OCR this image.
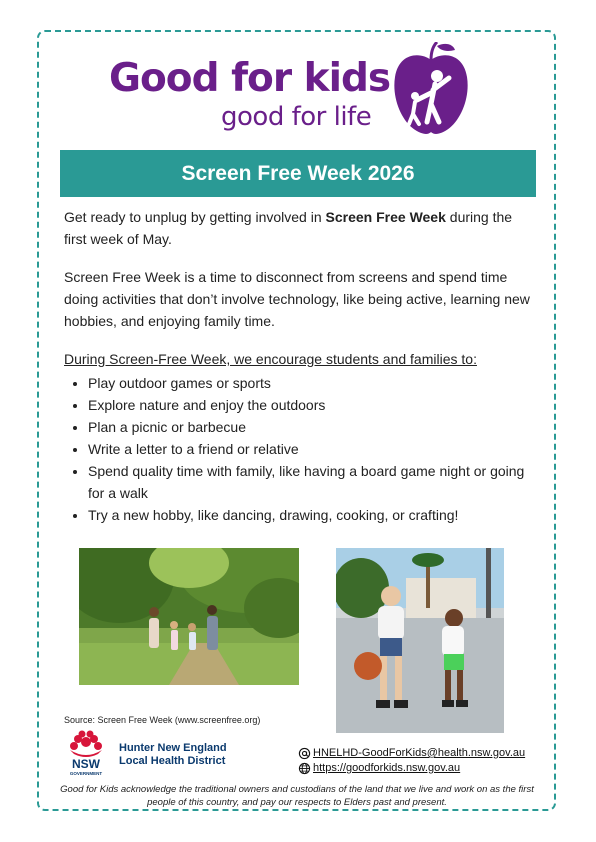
Good for kids
good for life
Screen Free Week 2026

Get ready to unplug by getting involved in Screen Free Week during the first week of May.

Screen Free Week is a time to disconnect from screens and spend time doing activities that don’t involve technology, like being active, learning new hobbies, and enjoying family time.

During Screen-Free Week, we encourage students and families to:
• Play outdoor games or sports
• Explore nature and enjoy the outdoors
• Plan a picnic or barbecue
• Write a letter to a friend or relative
• Spend quality time with family, like having a board game night or going for a walk
• Try a new hobby, like dancing, drawing, cooking, or crafting!
Source: Screen Free Week (www.screenfree.org)
NSW
GOVERNMENT
Hunter New England
Local Health District
HNELHD-GoodForKids@health.nsw.gov.au
https://goodforkids.nsw.gov.au
Good for Kids acknowledge the traditional owners and custodians of the land that we live and work on as the first people of this country, and pay our respects to Elders past and present.
